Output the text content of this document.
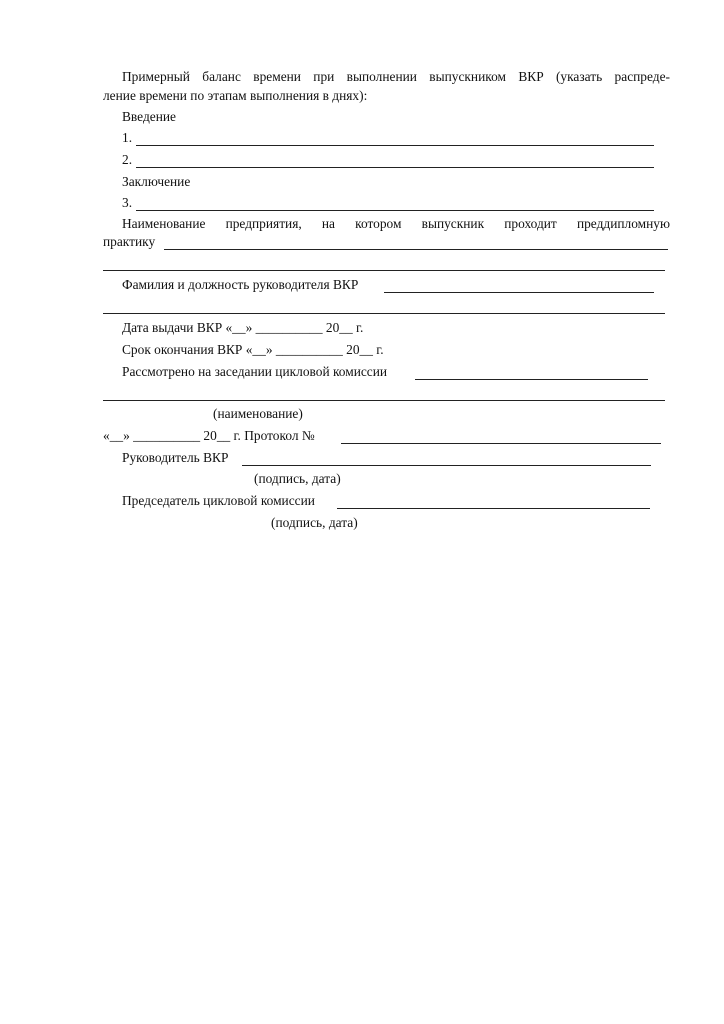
Примерный баланс времени при выполнении выпускником ВКР (указать распреде-
ление времени по этапам выполнения в днях):
Введение
1.
2.
Заключение
3.
Наименование предприятия, на котором выпускник проходит преддипломную
практику
Фамилия и должность руководителя ВКР
Дата выдачи ВКР «__» __________ 20__ г.
Срок окончания ВКР «__» __________ 20__ г.
Рассмотрено на заседании цикловой комиссии
(наименование)
«__» __________ 20__ г. Протокол №
Руководитель ВКР
(подпись, дата)
Председатель цикловой комиссии
(подпись, дата)
